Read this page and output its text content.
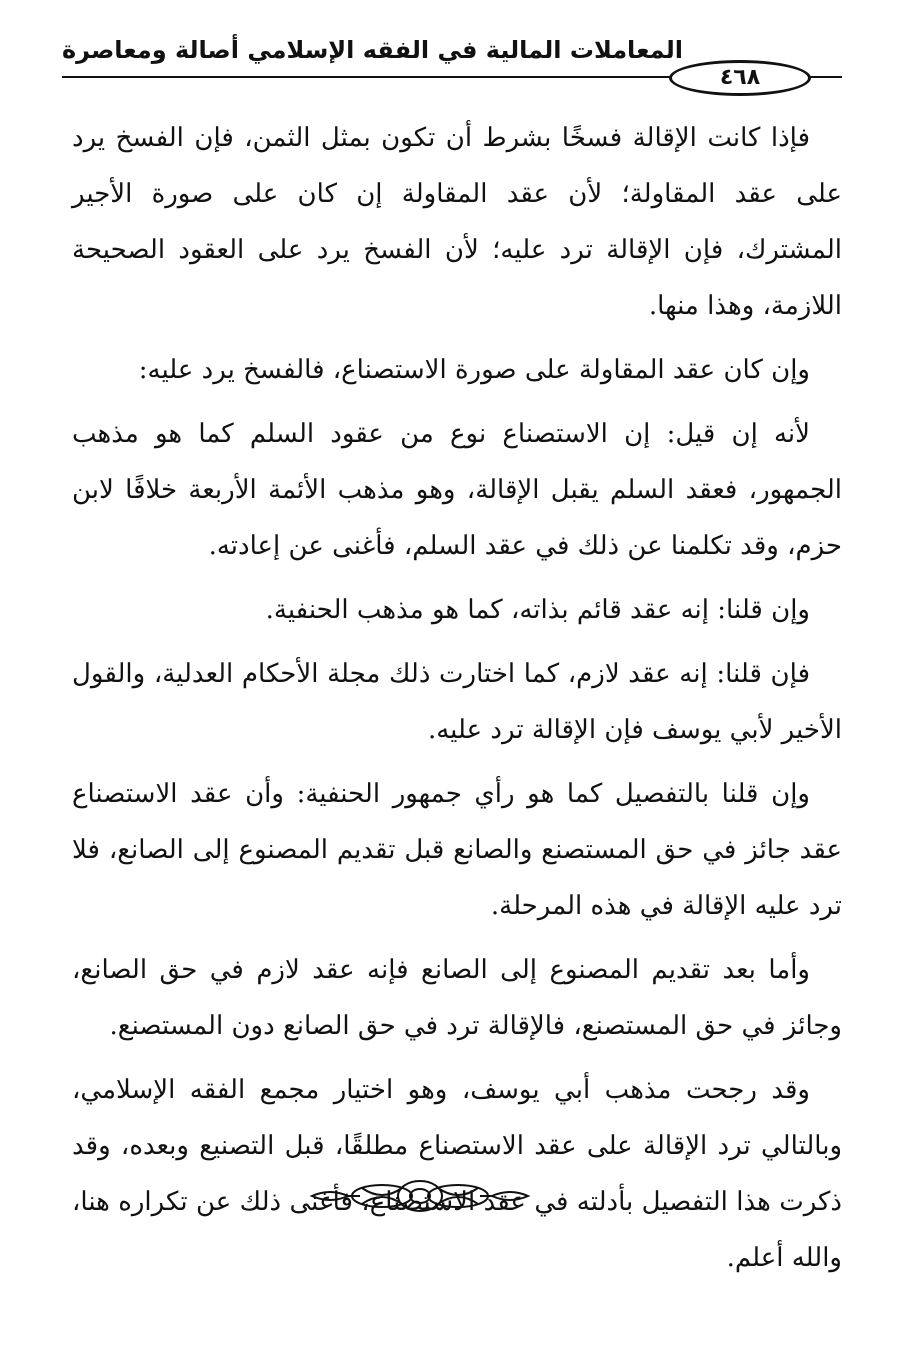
المعاملات المالية في الفقه الإسلامي أصالة ومعاصرة
٤٦٨

فإذا كانت الإقالة فسخًا بشرط أن تكون بمثل الثمن، فإن الفسخ يرد على عقد المقاولة؛ لأن عقد المقاولة إن كان على صورة الأجير المشترك، فإن الإقالة ترد عليه؛ لأن الفسخ يرد على العقود الصحيحة اللازمة، وهذا منها.

وإن كان عقد المقاولة على صورة الاستصناع، فالفسخ يرد عليه:

لأنه إن قيل: إن الاستصناع نوع من عقود السلم كما هو مذهب الجمهور، فعقد السلم يقبل الإقالة، وهو مذهب الأئمة الأربعة خلافًا لابن حزم، وقد تكلمنا عن ذلك في عقد السلم، فأغنى عن إعادته.

وإن قلنا: إنه عقد قائم بذاته، كما هو مذهب الحنفية.

فإن قلنا: إنه عقد لازم، كما اختارت ذلك مجلة الأحكام العدلية، والقول الأخير لأبي يوسف فإن الإقالة ترد عليه.

وإن قلنا بالتفصيل كما هو رأي جمهور الحنفية: وأن عقد الاستصناع عقد جائز في حق المستصنع والصانع قبل تقديم المصنوع إلى الصانع، فلا ترد عليه الإقالة في هذه المرحلة.

وأما بعد تقديم المصنوع إلى الصانع فإنه عقد لازم في حق الصانع، وجائز في حق المستصنع، فالإقالة ترد في حق الصانع دون المستصنع.

وقد رجحت مذهب أبي يوسف، وهو اختيار مجمع الفقه الإسلامي، وبالتالي ترد الإقالة على عقد الاستصناع مطلقًا، قبل التصنيع وبعده، وقد ذكرت هذا التفصيل بأدلته في عقد الاستصناع، فأغنى ذلك عن تكراره هنا، والله أعلم.
